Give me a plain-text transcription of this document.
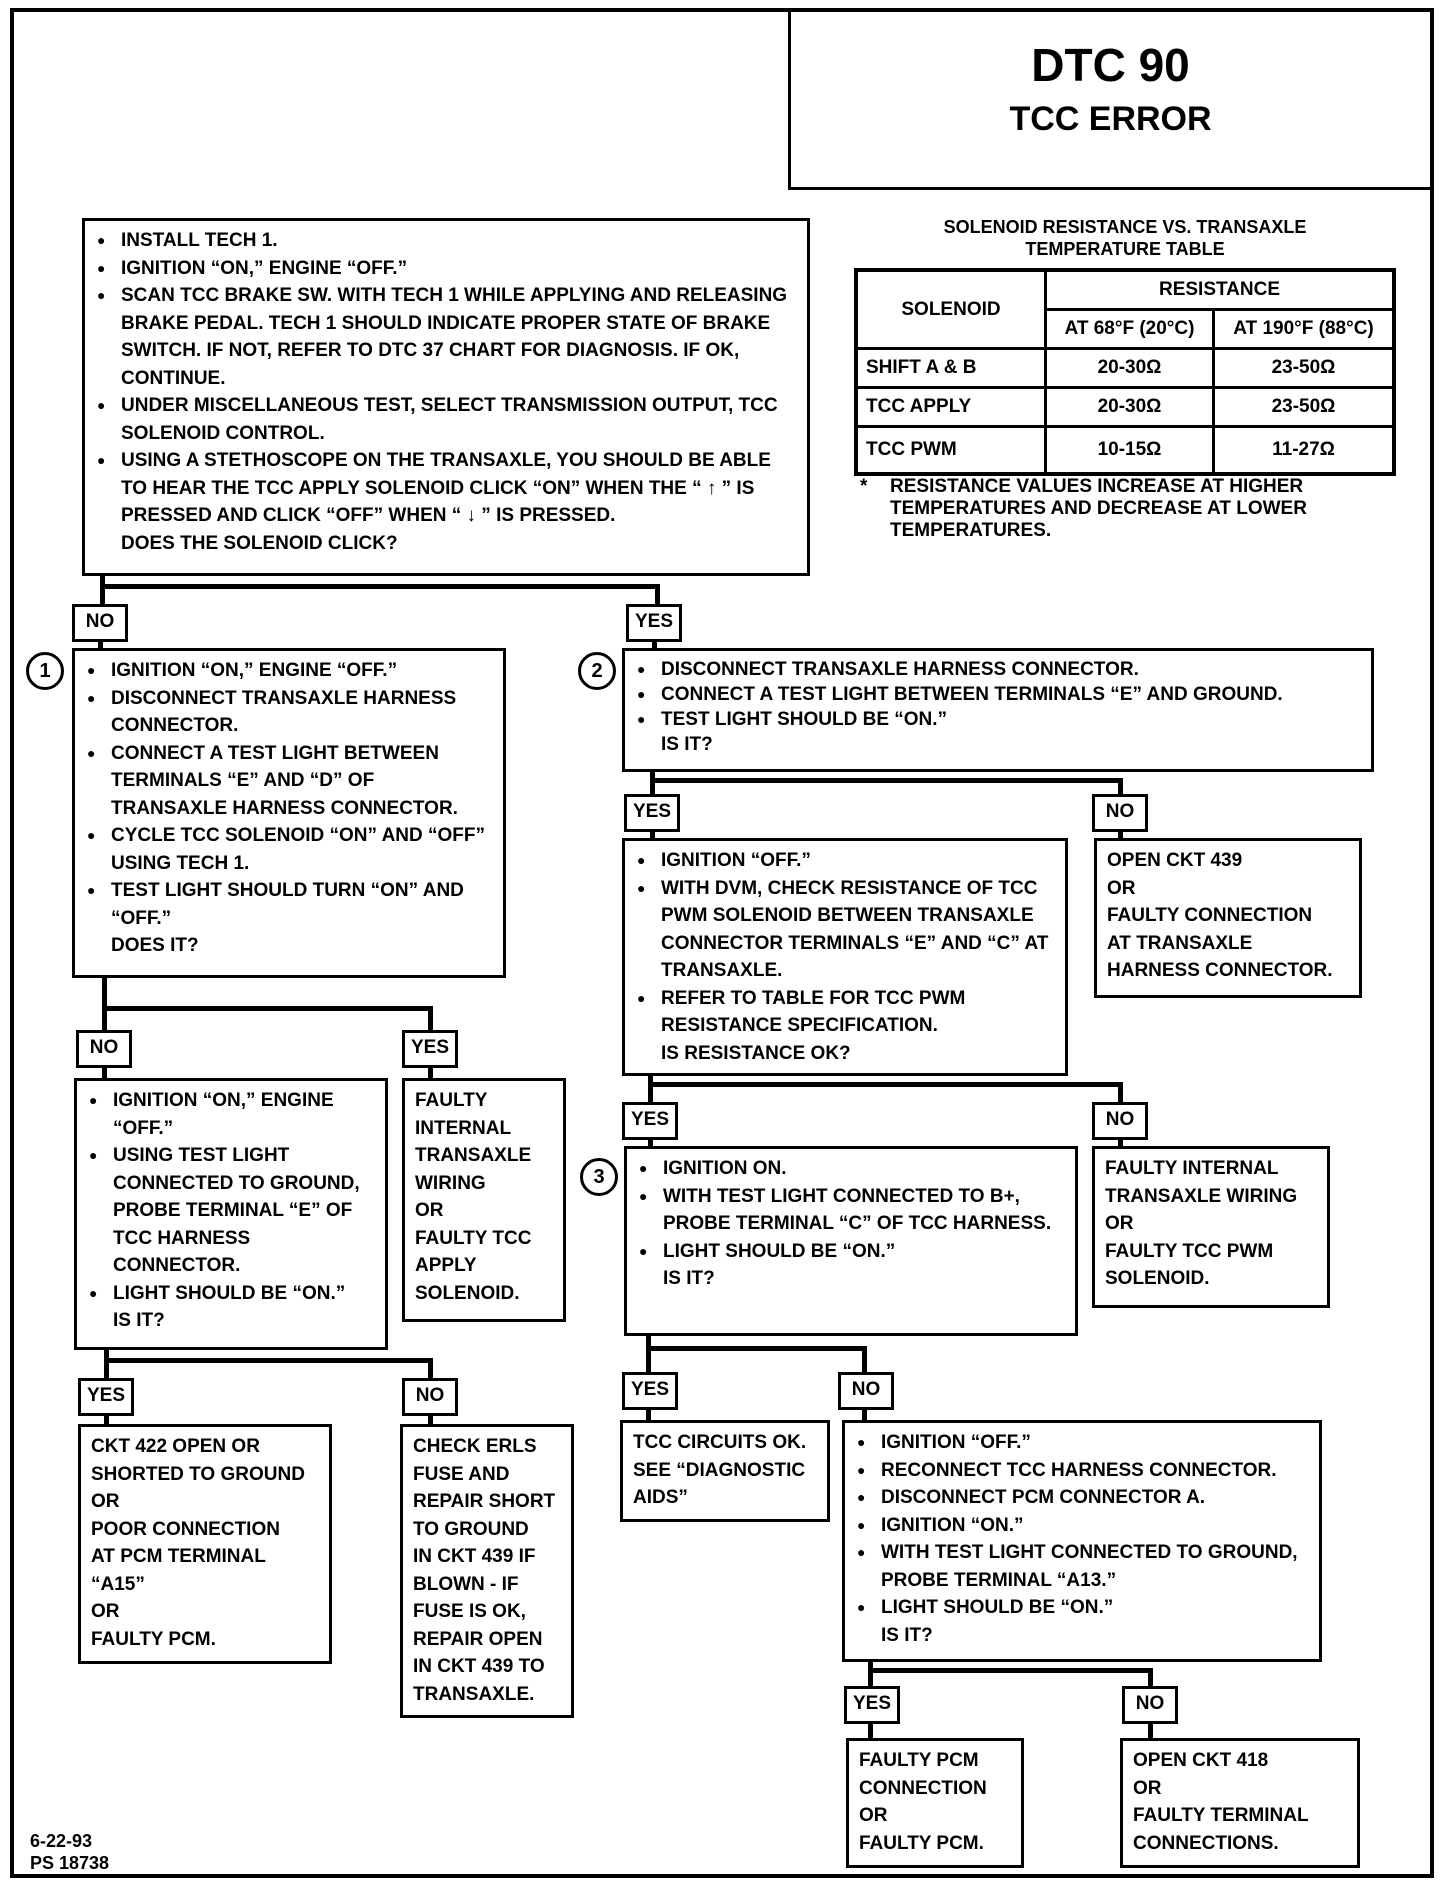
DTC 90
TCC ERROR
SOLENOID RESISTANCE VS. TRANSAXLE
TEMPERATURE TABLE
SOLENOID	RESISTANCE	
	AT 68°F (20°C)	AT 190°F (88°C)
SHIFT A & B	20-30Ω	23-50Ω
TCC APPLY	20-30Ω	23-50Ω
TCC PWM	10-15Ω	11-27Ω
*	RESISTANCE VALUES INCREASE AT HIGHER TEMPERATURES AND DECREASE AT LOWER TEMPERATURES.
● INSTALL TECH 1.
● IGNITION “ON,” ENGINE “OFF.”
● SCAN TCC BRAKE SW. WITH TECH 1 WHILE APPLYING AND RELEASING BRAKE PEDAL. TECH 1 SHOULD INDICATE PROPER STATE OF BRAKE SWITCH. IF NOT, REFER TO DTC 37 CHART FOR DIAGNOSIS. IF OK, CONTINUE.
● UNDER MISCELLANEOUS TEST, SELECT TRANSMISSION OUTPUT, TCC SOLENOID CONTROL.
● USING A STETHOSCOPE ON THE TRANSAXLE, YOU SHOULD BE ABLE TO HEAR THE TCC APPLY SOLENOID CLICK “ON” WHEN THE “ ↑ ” IS PRESSED AND CLICK “OFF” WHEN “ ↓ ” IS PRESSED.
DOES THE SOLENOID CLICK?
NO	YES
1	● IGNITION “ON,” ENGINE “OFF.”
● DISCONNECT TRANSAXLE HARNESS CONNECTOR.
● CONNECT A TEST LIGHT BETWEEN TERMINALS “E” AND “D” OF TRANSAXLE HARNESS CONNECTOR.
● CYCLE TCC SOLENOID “ON” AND “OFF” USING TECH 1.
● TEST LIGHT SHOULD TURN “ON” AND “OFF.”
DOES IT?
2	● DISCONNECT TRANSAXLE HARNESS CONNECTOR.
● CONNECT A TEST LIGHT BETWEEN TERMINALS “E” AND GROUND.
● TEST LIGHT SHOULD BE “ON.”
IS IT?
NO	YES
● IGNITION “ON,” ENGINE “OFF.”
● USING TEST LIGHT CONNECTED TO GROUND, PROBE TERMINAL “E” OF TCC HARNESS CONNECTOR.
● LIGHT SHOULD BE “ON.”
IS IT?
FAULTY
INTERNAL
TRANSAXLE
WIRING
OR
FAULTY TCC
APPLY
SOLENOID.
YES	NO
CKT 422 OPEN OR
SHORTED TO GROUND
OR
POOR CONNECTION
AT PCM TERMINAL
“A15”
OR
FAULTY PCM.
CHECK ERLS
FUSE AND
REPAIR SHORT
TO GROUND
IN CKT 439 IF
BLOWN - IF
FUSE IS OK,
REPAIR OPEN
IN CKT 439 TO
TRANSAXLE.
YES	NO
● IGNITION “OFF.”
● WITH DVM, CHECK RESISTANCE OF TCC PWM SOLENOID BETWEEN TRANSAXLE CONNECTOR TERMINALS “E” AND “C” AT TRANSAXLE.
● REFER TO TABLE FOR TCC PWM RESISTANCE SPECIFICATION.
IS RESISTANCE OK?
OPEN CKT 439
OR
FAULTY CONNECTION
AT TRANSAXLE
HARNESS CONNECTOR.
YES	NO
3	● IGNITION ON.
● WITH TEST LIGHT CONNECTED TO B+, PROBE TERMINAL “C” OF TCC HARNESS.
● LIGHT SHOULD BE “ON.”
IS IT?
FAULTY INTERNAL
TRANSAXLE WIRING
OR
FAULTY TCC PWM
SOLENOID.
YES	NO
TCC CIRCUITS OK.
SEE “DIAGNOSTIC
AIDS”
● IGNITION “OFF.”
● RECONNECT TCC HARNESS CONNECTOR.
● DISCONNECT PCM CONNECTOR A.
● IGNITION “ON.”
● WITH TEST LIGHT CONNECTED TO GROUND, PROBE TERMINAL “A13.”
● LIGHT SHOULD BE “ON.”
IS IT?
YES	NO
FAULTY PCM
CONNECTION
OR
FAULTY PCM.
OPEN CKT 418
OR
FAULTY TERMINAL
CONNECTIONS.
6-22-93
PS 18738
